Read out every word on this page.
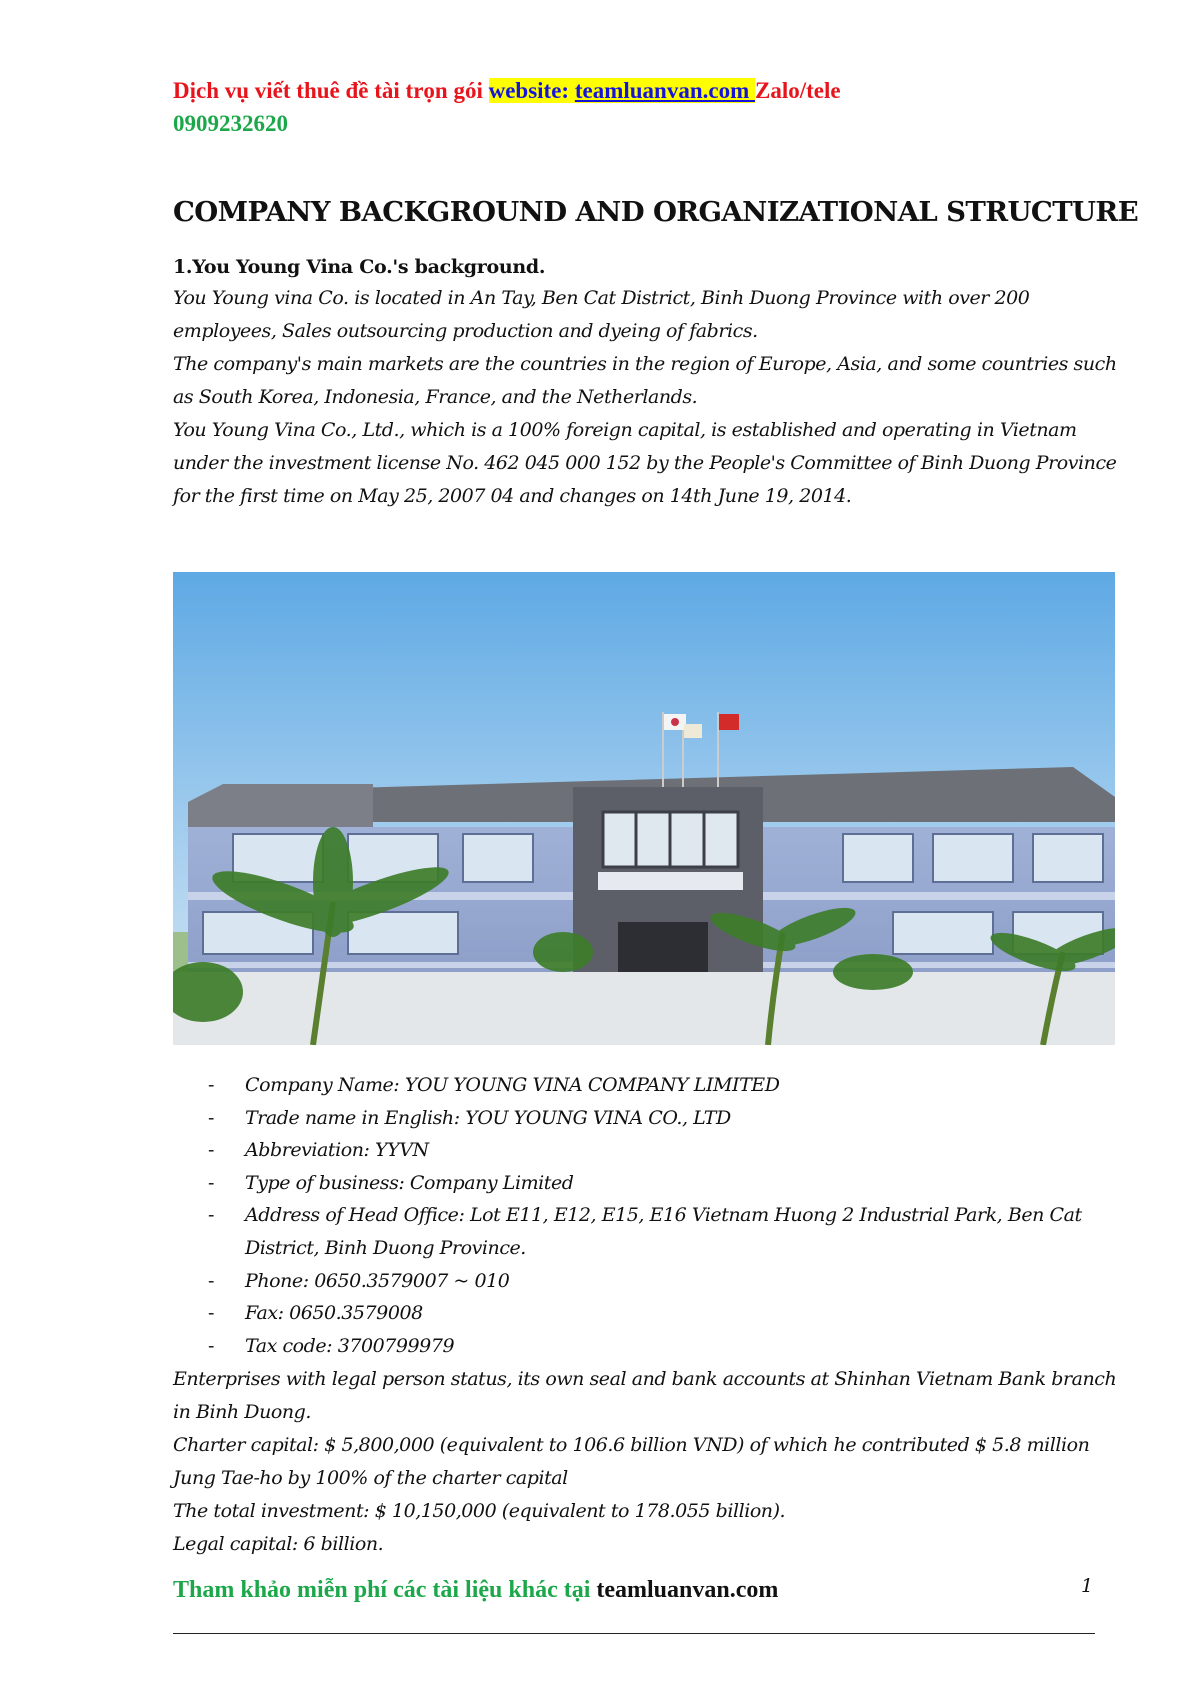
Dịch vụ viết thuê đề tài trọn gói website: teamluanvan.com Zalo/tele
0909232620
COMPANY BACKGROUND AND ORGANIZATIONAL STRUCTURE
1.You Young Vina Co.'s background.

You Young vina Co. is located in An Tay, Ben Cat District, Binh Duong Province with over 200 employees, Sales outsourcing production and dyeing of fabrics.

The company's main markets are the countries in the region of Europe, Asia, and some countries such as South Korea, Indonesia, France, and the Netherlands.

You Young Vina Co., Ltd., which is a 100% foreign capital, is established and operating in Vietnam under the investment license No. 462 045 000 152 by the People's Committee of Binh Duong Province for the first time on May 25, 2007 04 and changes on 14th June 19, 2014.

- Company Name: YOU YOUNG VINA COMPANY LIMITED
- Trade name in English: YOU YOUNG VINA CO., LTD
- Abbreviation: YYVN
- Type of business: Company Limited
- Address of Head Office: Lot E11, E12, E15, E16 Vietnam Huong 2 Industrial Park, Ben Cat District, Binh Duong Province.
- Phone: 0650.3579007 ~ 010
- Fax: 0650.3579008
- Tax code: 3700799979

Enterprises with legal person status, its own seal and bank accounts at Shinhan Vietnam Bank branch in Binh Duong.

Charter capital: $ 5,800,000 (equivalent to 106.6 billion VND) of which he contributed $ 5.8 million Jung Tae-ho by 100% of the charter capital

The total investment: $ 10,150,000 (equivalent to 178.055 billion).

Legal capital: 6 billion.

Tham khảo miễn phí các tài liệu khác tại teamluanvan.com	1
